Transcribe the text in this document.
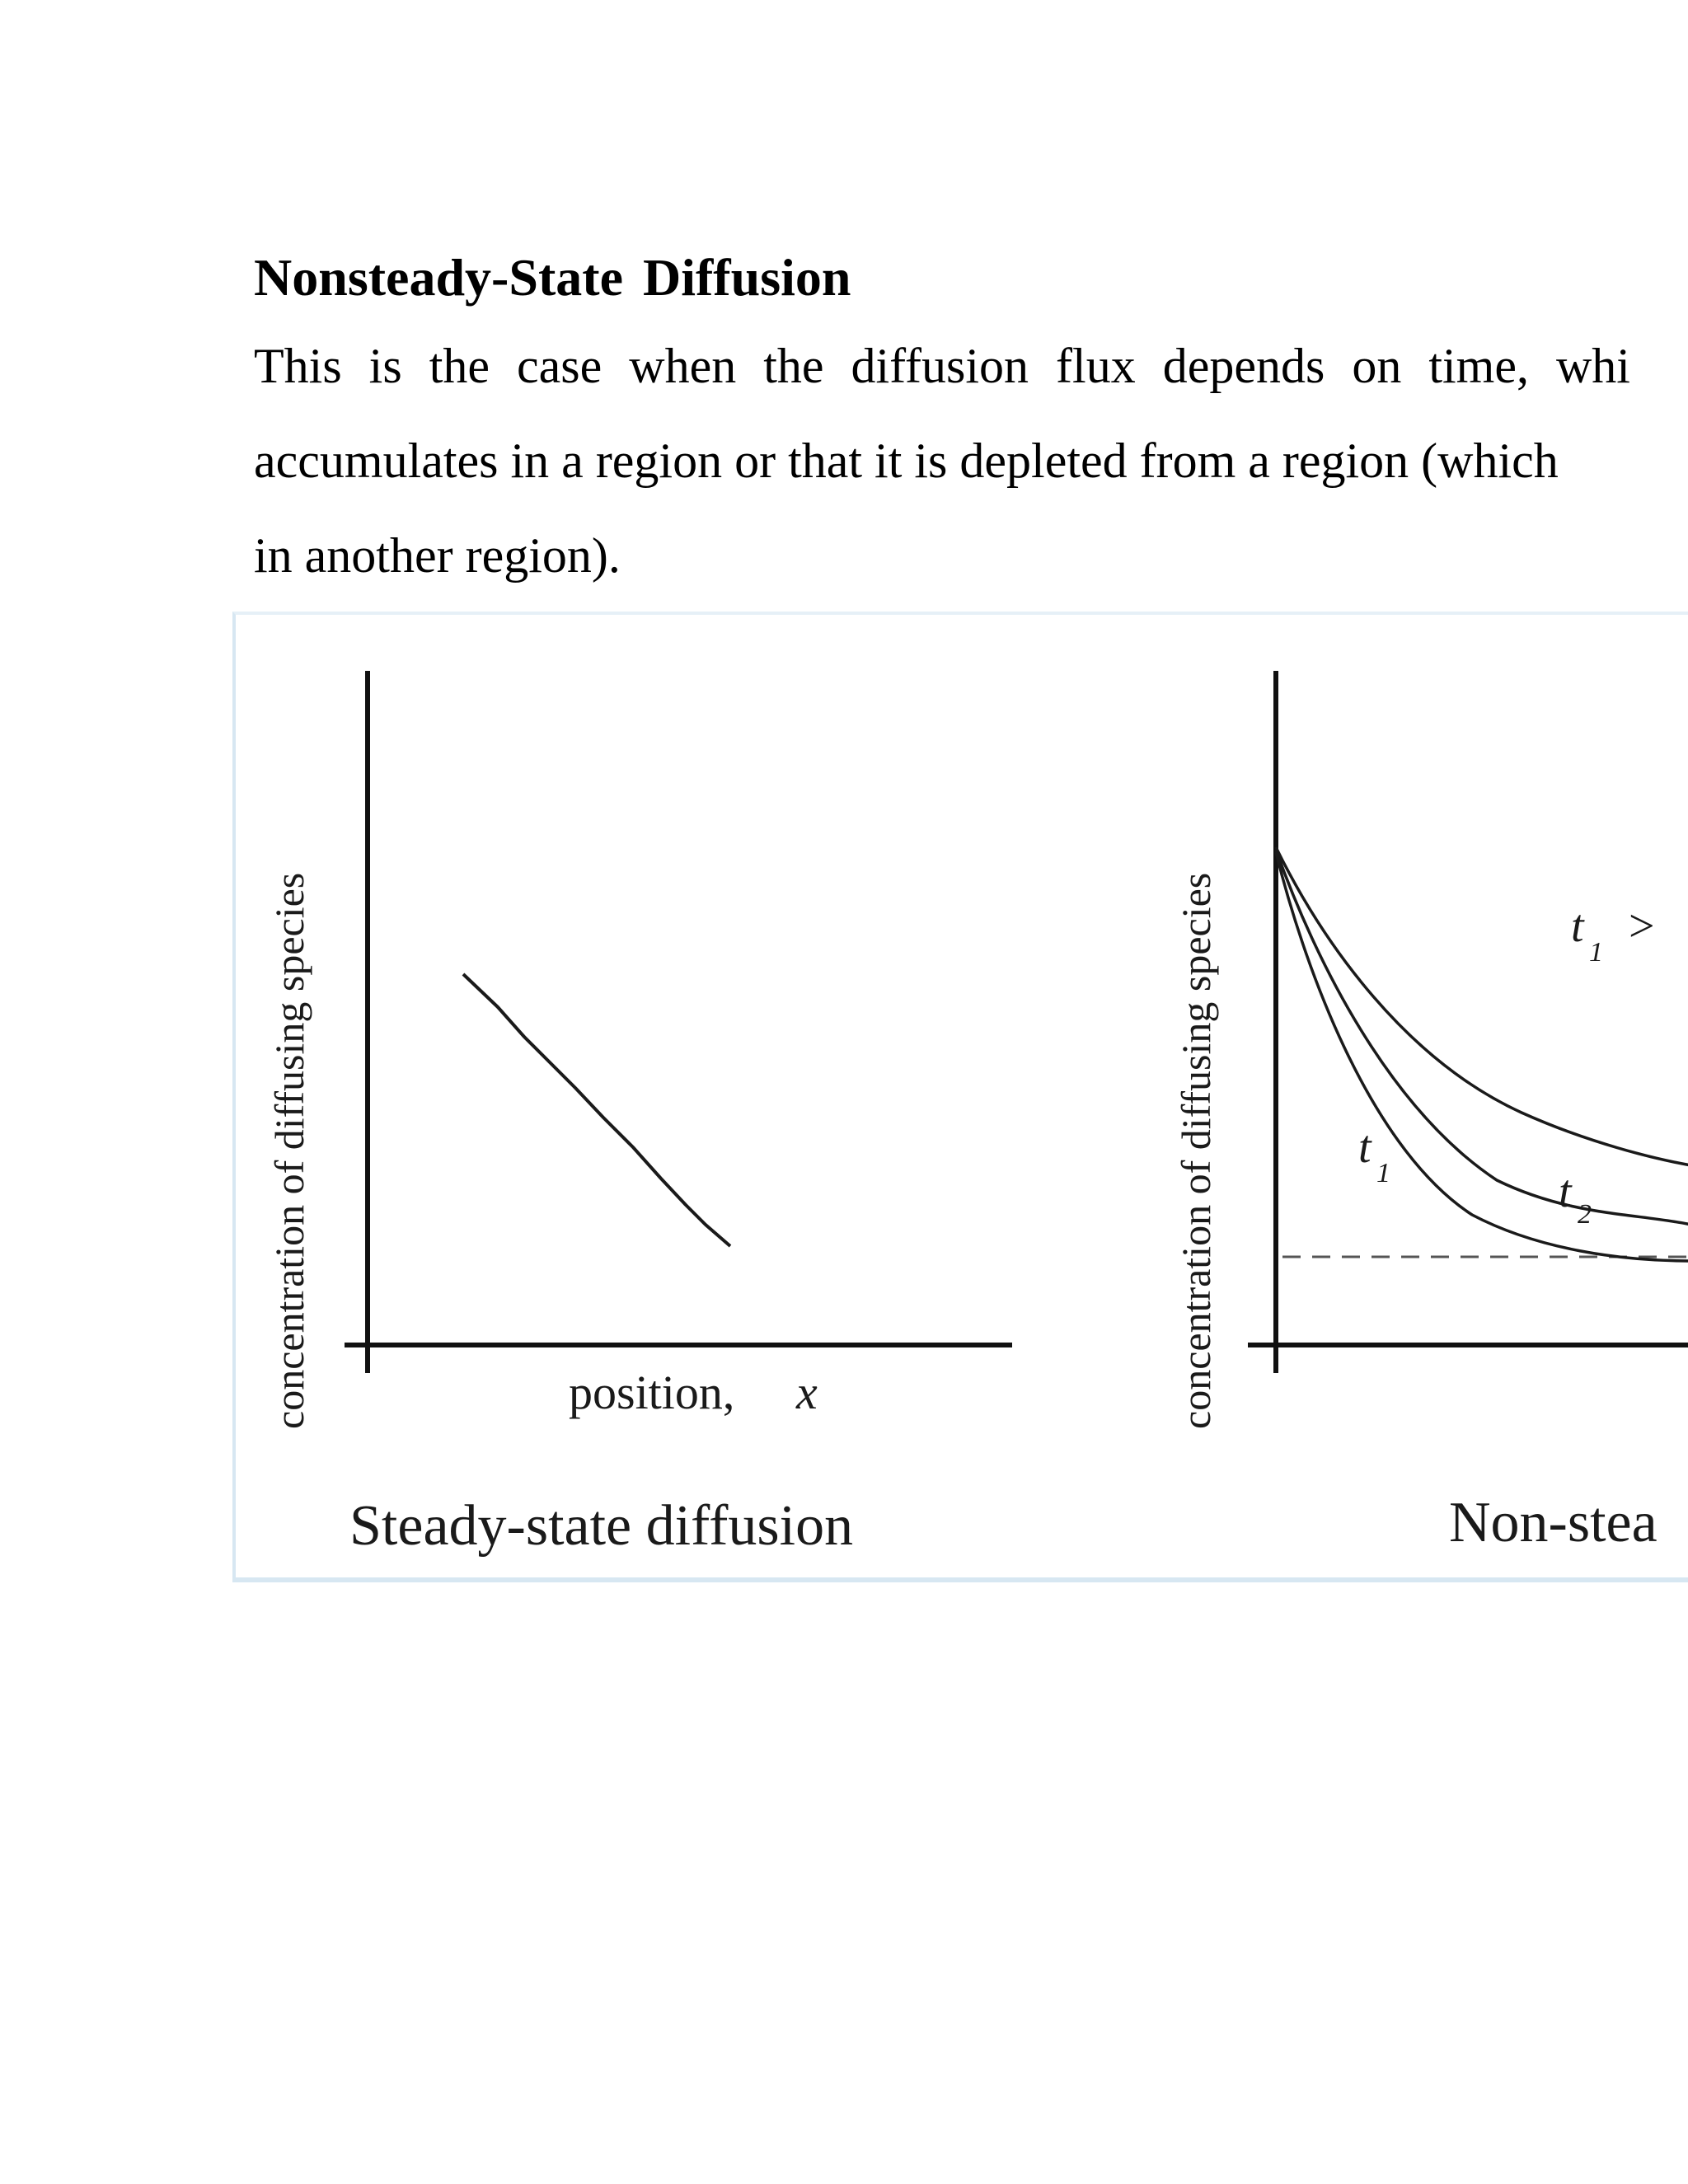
Nonsteady-State Diffusion

This is the case when the diffusion flux depends on time, whi

accumulates in a region or that it is depleted from a region (which

in another region).

concentration of diffusing species	position, x
Steady-state diffusion
concentration of diffusing species	t
1	t 2
t
1
>
Non-stea
